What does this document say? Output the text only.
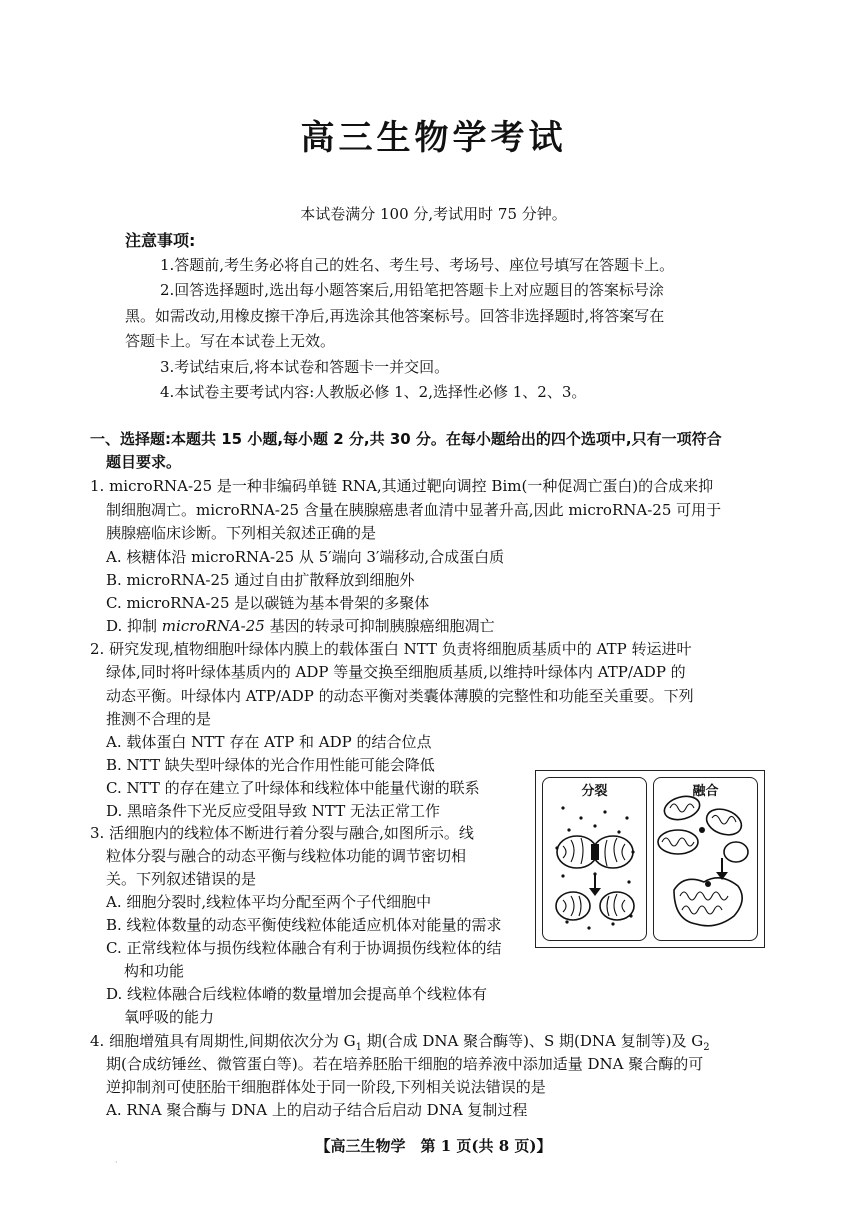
高三生物学考试
本试卷满分 100 分,考试用时 75 分钟。
注意事项:
1.答题前,考生务必将自己的姓名、考生号、考场号、座位号填写在答题卡上。
2.回答选择题时,选出每小题答案后,用铅笔把答题卡上对应题目的答案标号涂
黑。如需改动,用橡皮擦干净后,再选涂其他答案标号。回答非选择题时,将答案写在
答题卡上。写在本试卷上无效。
3.考试结束后,将本试卷和答题卡一并交回。
4.本试卷主要考试内容:人教版必修 1、2,选择性必修 1、2、3。
一、选择题:本题共 15 小题,每小题 2 分,共 30 分。在每小题给出的四个选项中,只有一项符合
题目要求。
1. microRNA-25 是一种非编码单链 RNA,其通过靶向调控 Bim(一种促凋亡蛋白)的合成来抑
制细胞凋亡。microRNA-25 含量在胰腺癌患者血清中显著升高,因此 microRNA-25 可用于
胰腺癌临床诊断。下列相关叙述正确的是
A. 核糖体沿 microRNA-25 从 5′端向 3′端移动,合成蛋白质
B. microRNA-25 通过自由扩散释放到细胞外
C. microRNA-25 是以碳链为基本骨架的多聚体
D. 抑制 microRNA-25 基因的转录可抑制胰腺癌细胞凋亡
2. 研究发现,植物细胞叶绿体内膜上的载体蛋白 NTT 负责将细胞质基质中的 ATP 转运进叶
绿体,同时将叶绿体基质内的 ADP 等量交换至细胞质基质,以维持叶绿体内 ATP/ADP 的
动态平衡。叶绿体内 ATP/ADP 的动态平衡对类囊体薄膜的完整性和功能至关重要。下列
推测不合理的是
A. 载体蛋白 NTT 存在 ATP 和 ADP 的结合位点
B. NTT 缺失型叶绿体的光合作用性能可能会降低
C. NTT 的存在建立了叶绿体和线粒体中能量代谢的联系
D. 黑暗条件下光反应受阻导致 NTT 无法正常工作
3. 活细胞内的线粒体不断进行着分裂与融合,如图所示。线
粒体分裂与融合的动态平衡与线粒体功能的调节密切相
关。下列叙述错误的是
A. 细胞分裂时,线粒体平均分配至两个子代细胞中
B. 线粒体数量的动态平衡使线粒体能适应机体对能量的需求
C. 正常线粒体与损伤线粒体融合有利于协调损伤线粒体的结
构和功能
D. 线粒体融合后线粒体嵴的数量增加会提高单个线粒体有
氧呼吸的能力
分裂	融合
4. 细胞增殖具有周期性,间期依次分为 $G_1$ 期(合成 DNA 聚合酶等)、S 期(DNA 复制等)及 $G_2$
期(合成纺锤丝、微管蛋白等)。若在培养胚胎干细胞的培养液中添加适量 DNA 聚合酶的可
逆抑制剂可使胚胎干细胞群体处于同一阶段,下列相关说法错误的是
A. RNA 聚合酶与 DNA 上的启动子结合后启动 DNA 复制过程
【高三生物学　第 1 页(共 8 页)】
·
